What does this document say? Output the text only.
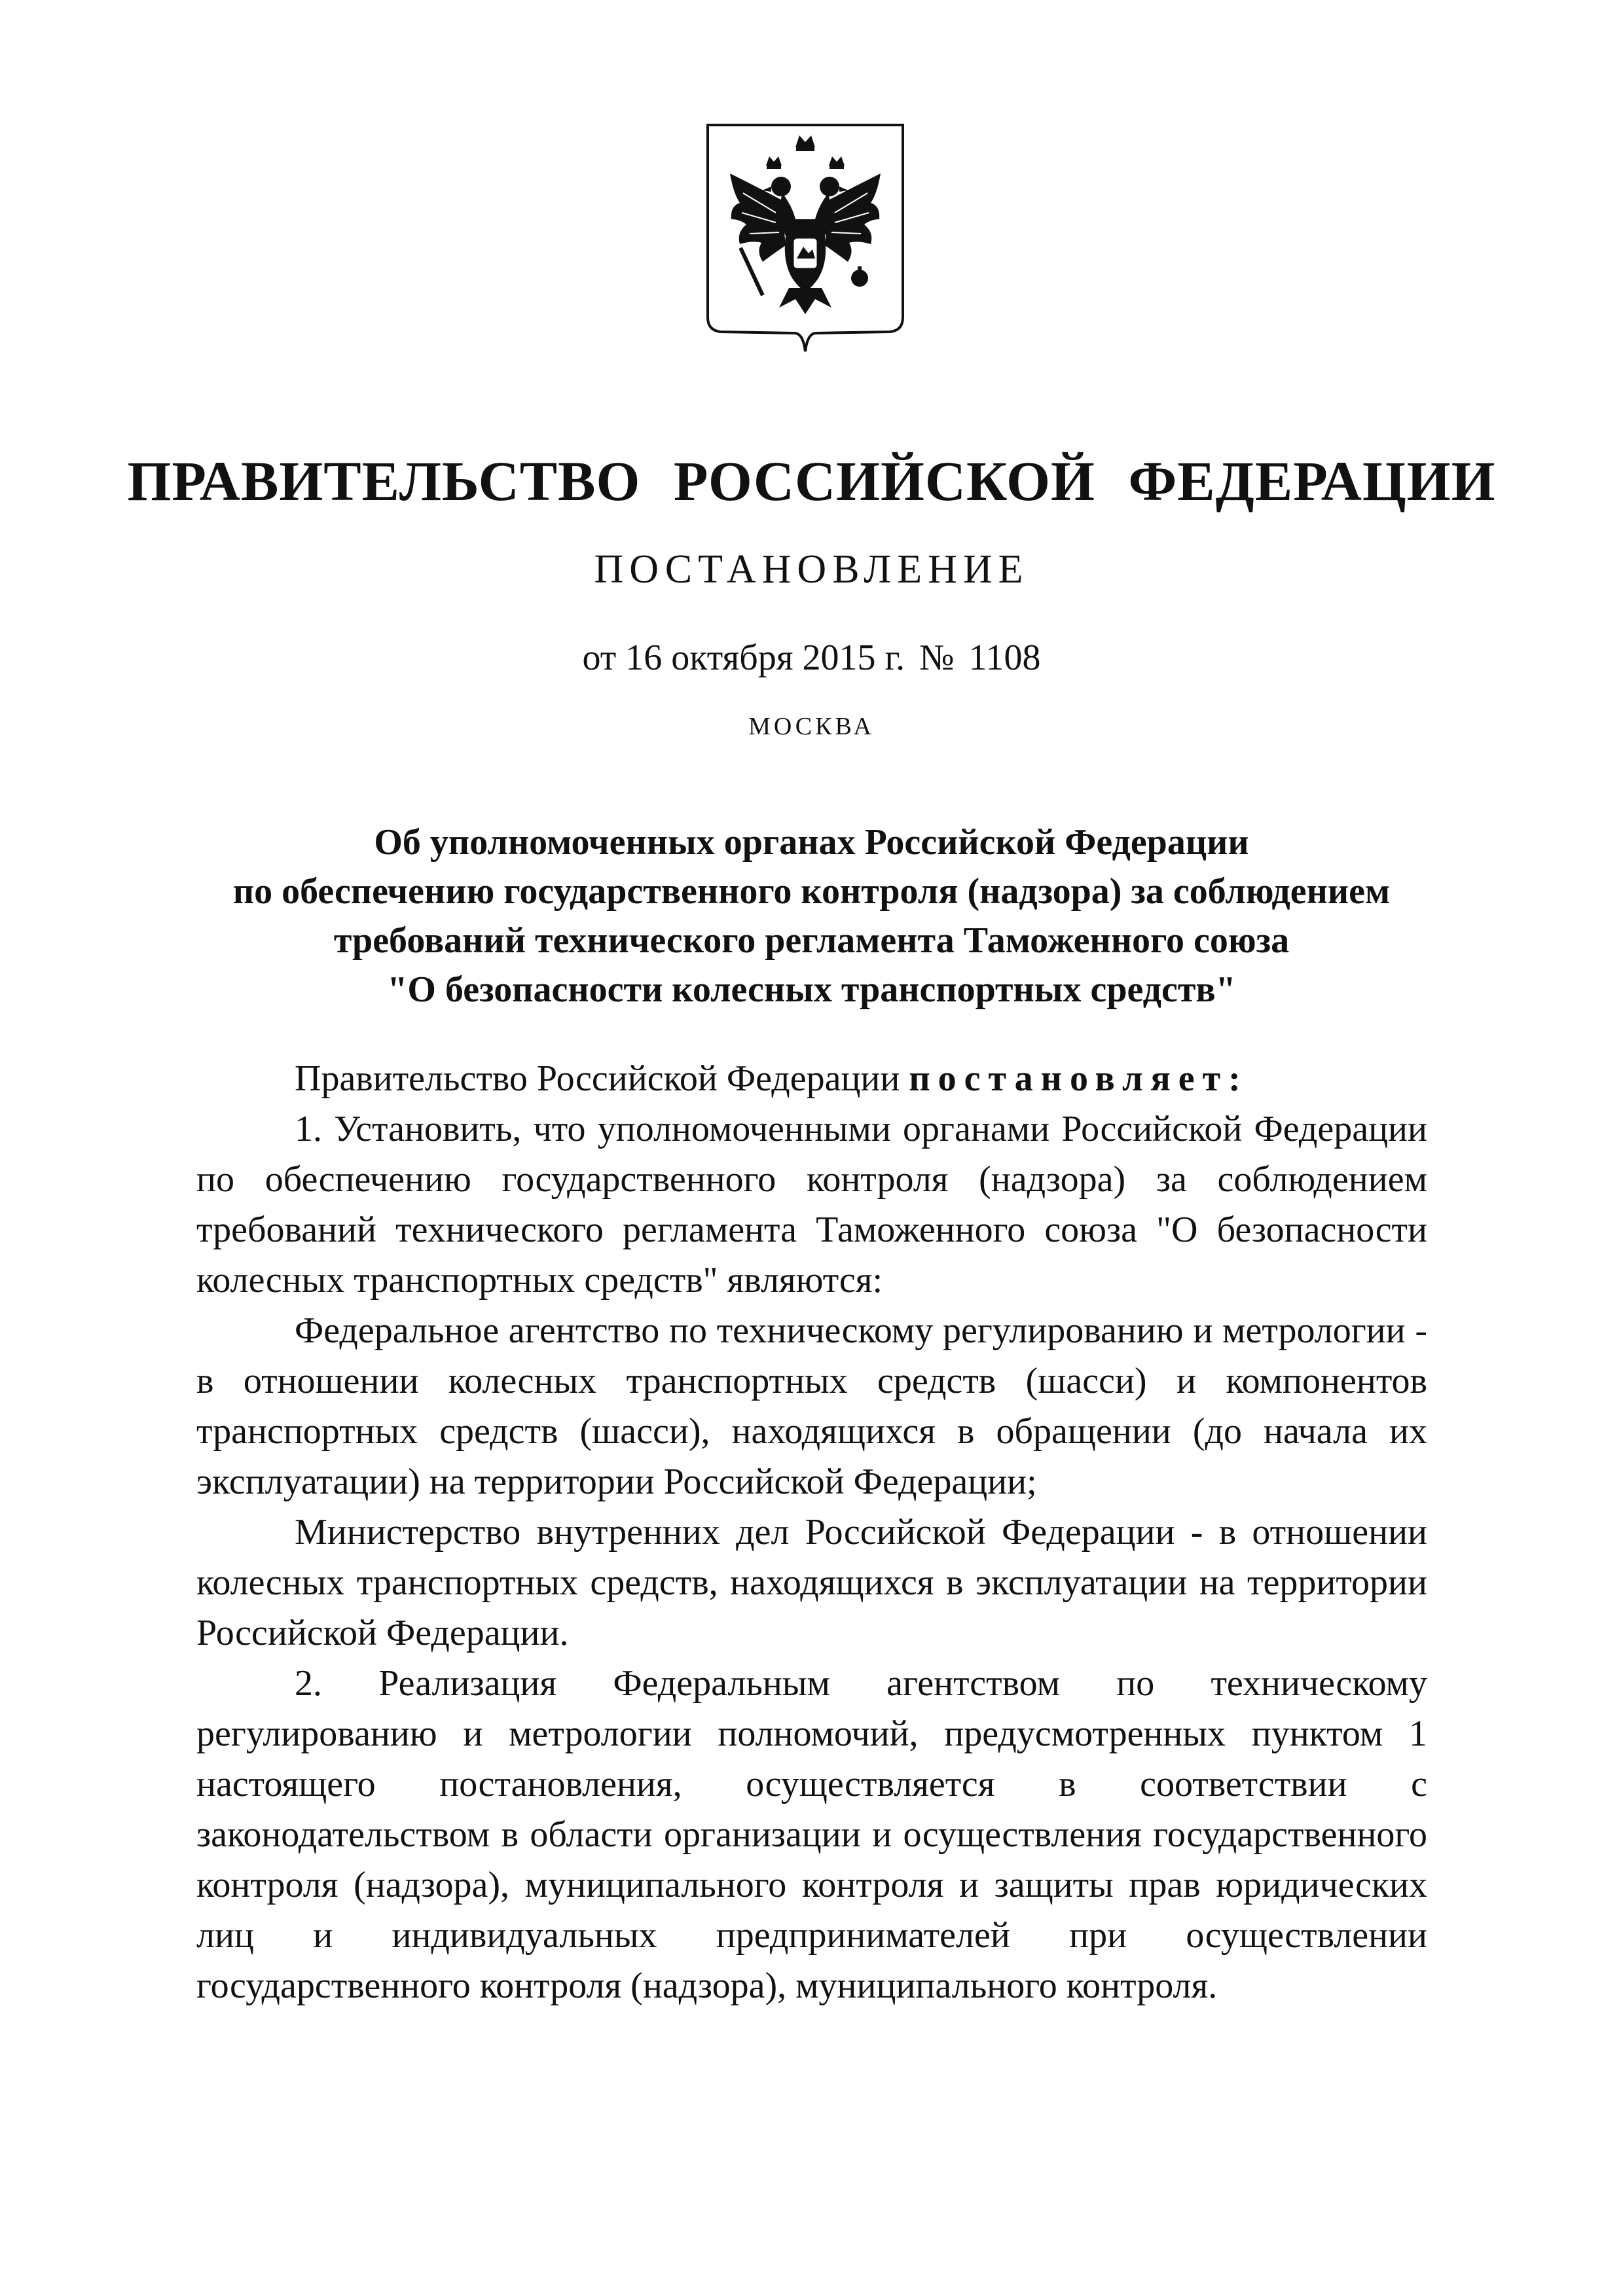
ПРАВИТЕЛЬСТВО РОССИЙСКОЙ ФЕДЕРАЦИИ
ПОСТАНОВЛЕНИЕ
от 16 октября 2015 г. № 1108
МОСКВА
Об уполномоченных органах Российской Федерации
по обеспечению государственного контроля (надзора) за соблюдением
требований технического регламента Таможенного союза
"О безопасности колесных транспортных средств"

Правительство Российской Федерации постановляет:

1. Установить, что уполномоченными органами Российской Федерации по обеспечению государственного контроля (надзора) за соблюдением требований технического регламента Таможенного союза "О безопасности колесных транспортных средств" являются:

Федеральное агентство по техническому регулированию и метрологии - в отношении колесных транспортных средств (шасси) и компонентов транспортных средств (шасси), находящихся в обращении (до начала их эксплуатации) на территории Российской Федерации;

Министерство внутренних дел Российской Федерации - в отношении колесных транспортных средств, находящихся в эксплуатации на территории Российской Федерации.

2. Реализация Федеральным агентством по техническому регулированию и метрологии полномочий, предусмотренных пунктом 1 настоящего постановления, осуществляется в соответствии с законодательством в области организации и осуществления государственного контроля (надзора), муниципального контроля и защиты прав юридических лиц и индивидуальных предпринимателей при осуществлении государственного контроля (надзора), муниципального контроля.
